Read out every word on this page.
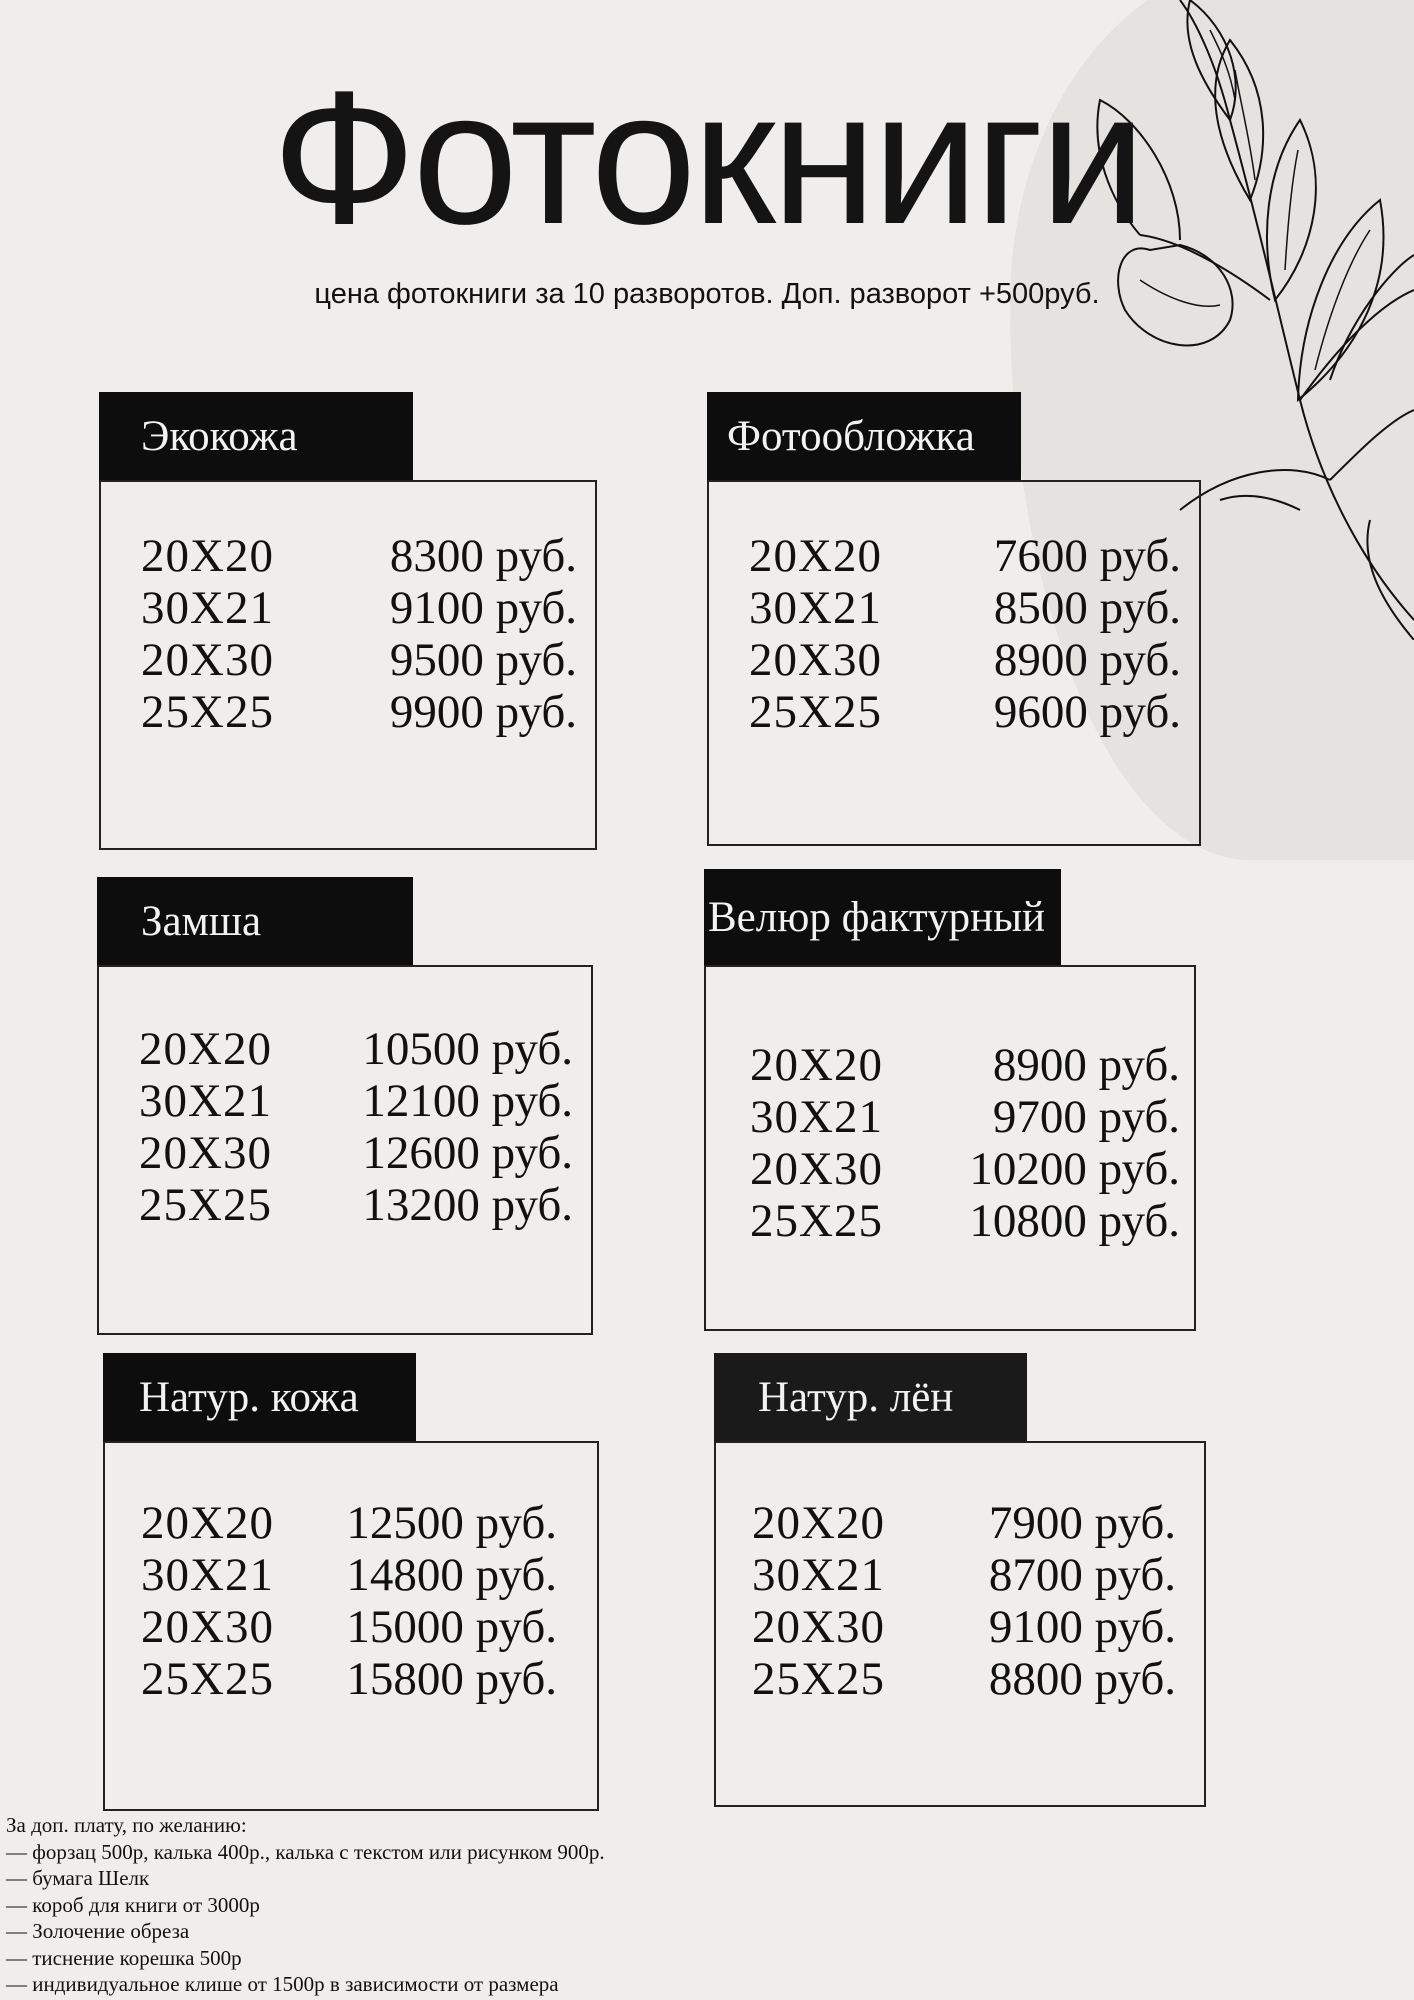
Фотокниги
цена фотокниги за 10 разворотов. Доп. разворот +500руб.
Экокожа
20Х20 8300 руб.
30Х21 9100 руб.
20Х30 9500 руб.
25Х25 9900 руб.
Фотообложка
20Х20 7600 руб.
30Х21 8500 руб.
20Х30 8900 руб.
25Х25 9600 руб.
Замша
20Х20 10500 руб.
30Х21 12100 руб.
20Х30 12600 руб.
25Х25 13200 руб.
Велюр фактурный
20Х20 8900 руб.
30Х21 9700 руб.
20Х30 10200 руб.
25Х25 10800 руб.
Натур. кожа
20Х20 12500 руб.
30Х21 14800 руб.
20Х30 15000 руб.
25Х25 15800 руб.
Натур. лён
20Х20 7900 руб.
30Х21 8700 руб.
20Х30 9100 руб.
25Х25 8800 руб.
За доп. плату, по желанию:
— форзац 500р, калька 400р., калька с текстом или рисунком 900р.
— бумага Шелк
— короб для книги от 3000р
— Золочение обреза
— тиснение корешка 500р
— индивидуальное клише от 1500р в зависимости от размера
